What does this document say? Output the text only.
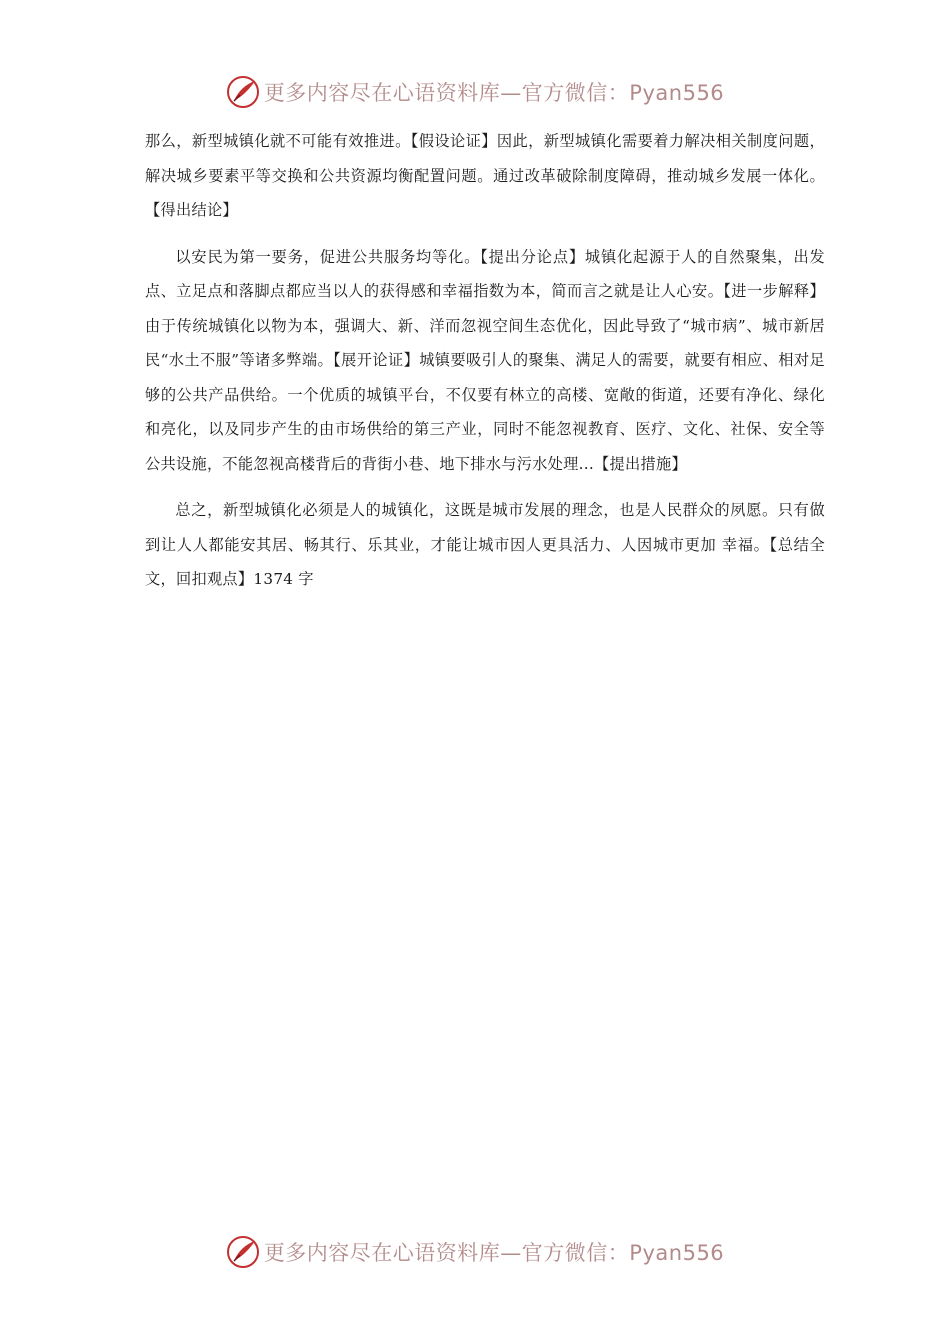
更多内容尽在心语资料库—官方微信：Pyan556

那么，新型城镇化就不可能有效推进。【假设论证】因此，新型城镇化需要着力解决相关制度问题，解决城乡要素平等交换和公共资源均衡配置问题。通过改革破除制度障碍，推动城乡发展一体化。【得出结论】

以安民为第一要务，促进公共服务均等化。【提出分论点】城镇化起源于人的自然聚集，出发点、立足点和落脚点都应当以人的获得感和幸福指数为本，简而言之就是让人心安。【进一步解释】由于传统城镇化以物为本，强调大、新、洋而忽视空间生态优化，因此导致了“城市病”、城市新居民“水土不服”等诸多弊端。【展开论证】城镇要吸引人的聚集、满足人的需要，就要有相应、相对足够的公共产品供给。一个优质的城镇平台，不仅要有林立的高楼、宽敞的街道，还要有净化、绿化和亮化，以及同步产生的由市场供给的第三产业，同时不能忽视教育、医疗、文化、社保、安全等公共设施，不能忽视高楼背后的背街小巷、地下排水与污水处理...【提出措施】

总之，新型城镇化必须是人的城镇化，这既是城市发展的理念，也是人民群众的夙愿。只有做到让人人都能安其居、畅其行、乐其业，才能让城市因人更具活力、人因城市更加 幸福。【总结全文，回扣观点】1374 字

更多内容尽在心语资料库—官方微信：Pyan556
